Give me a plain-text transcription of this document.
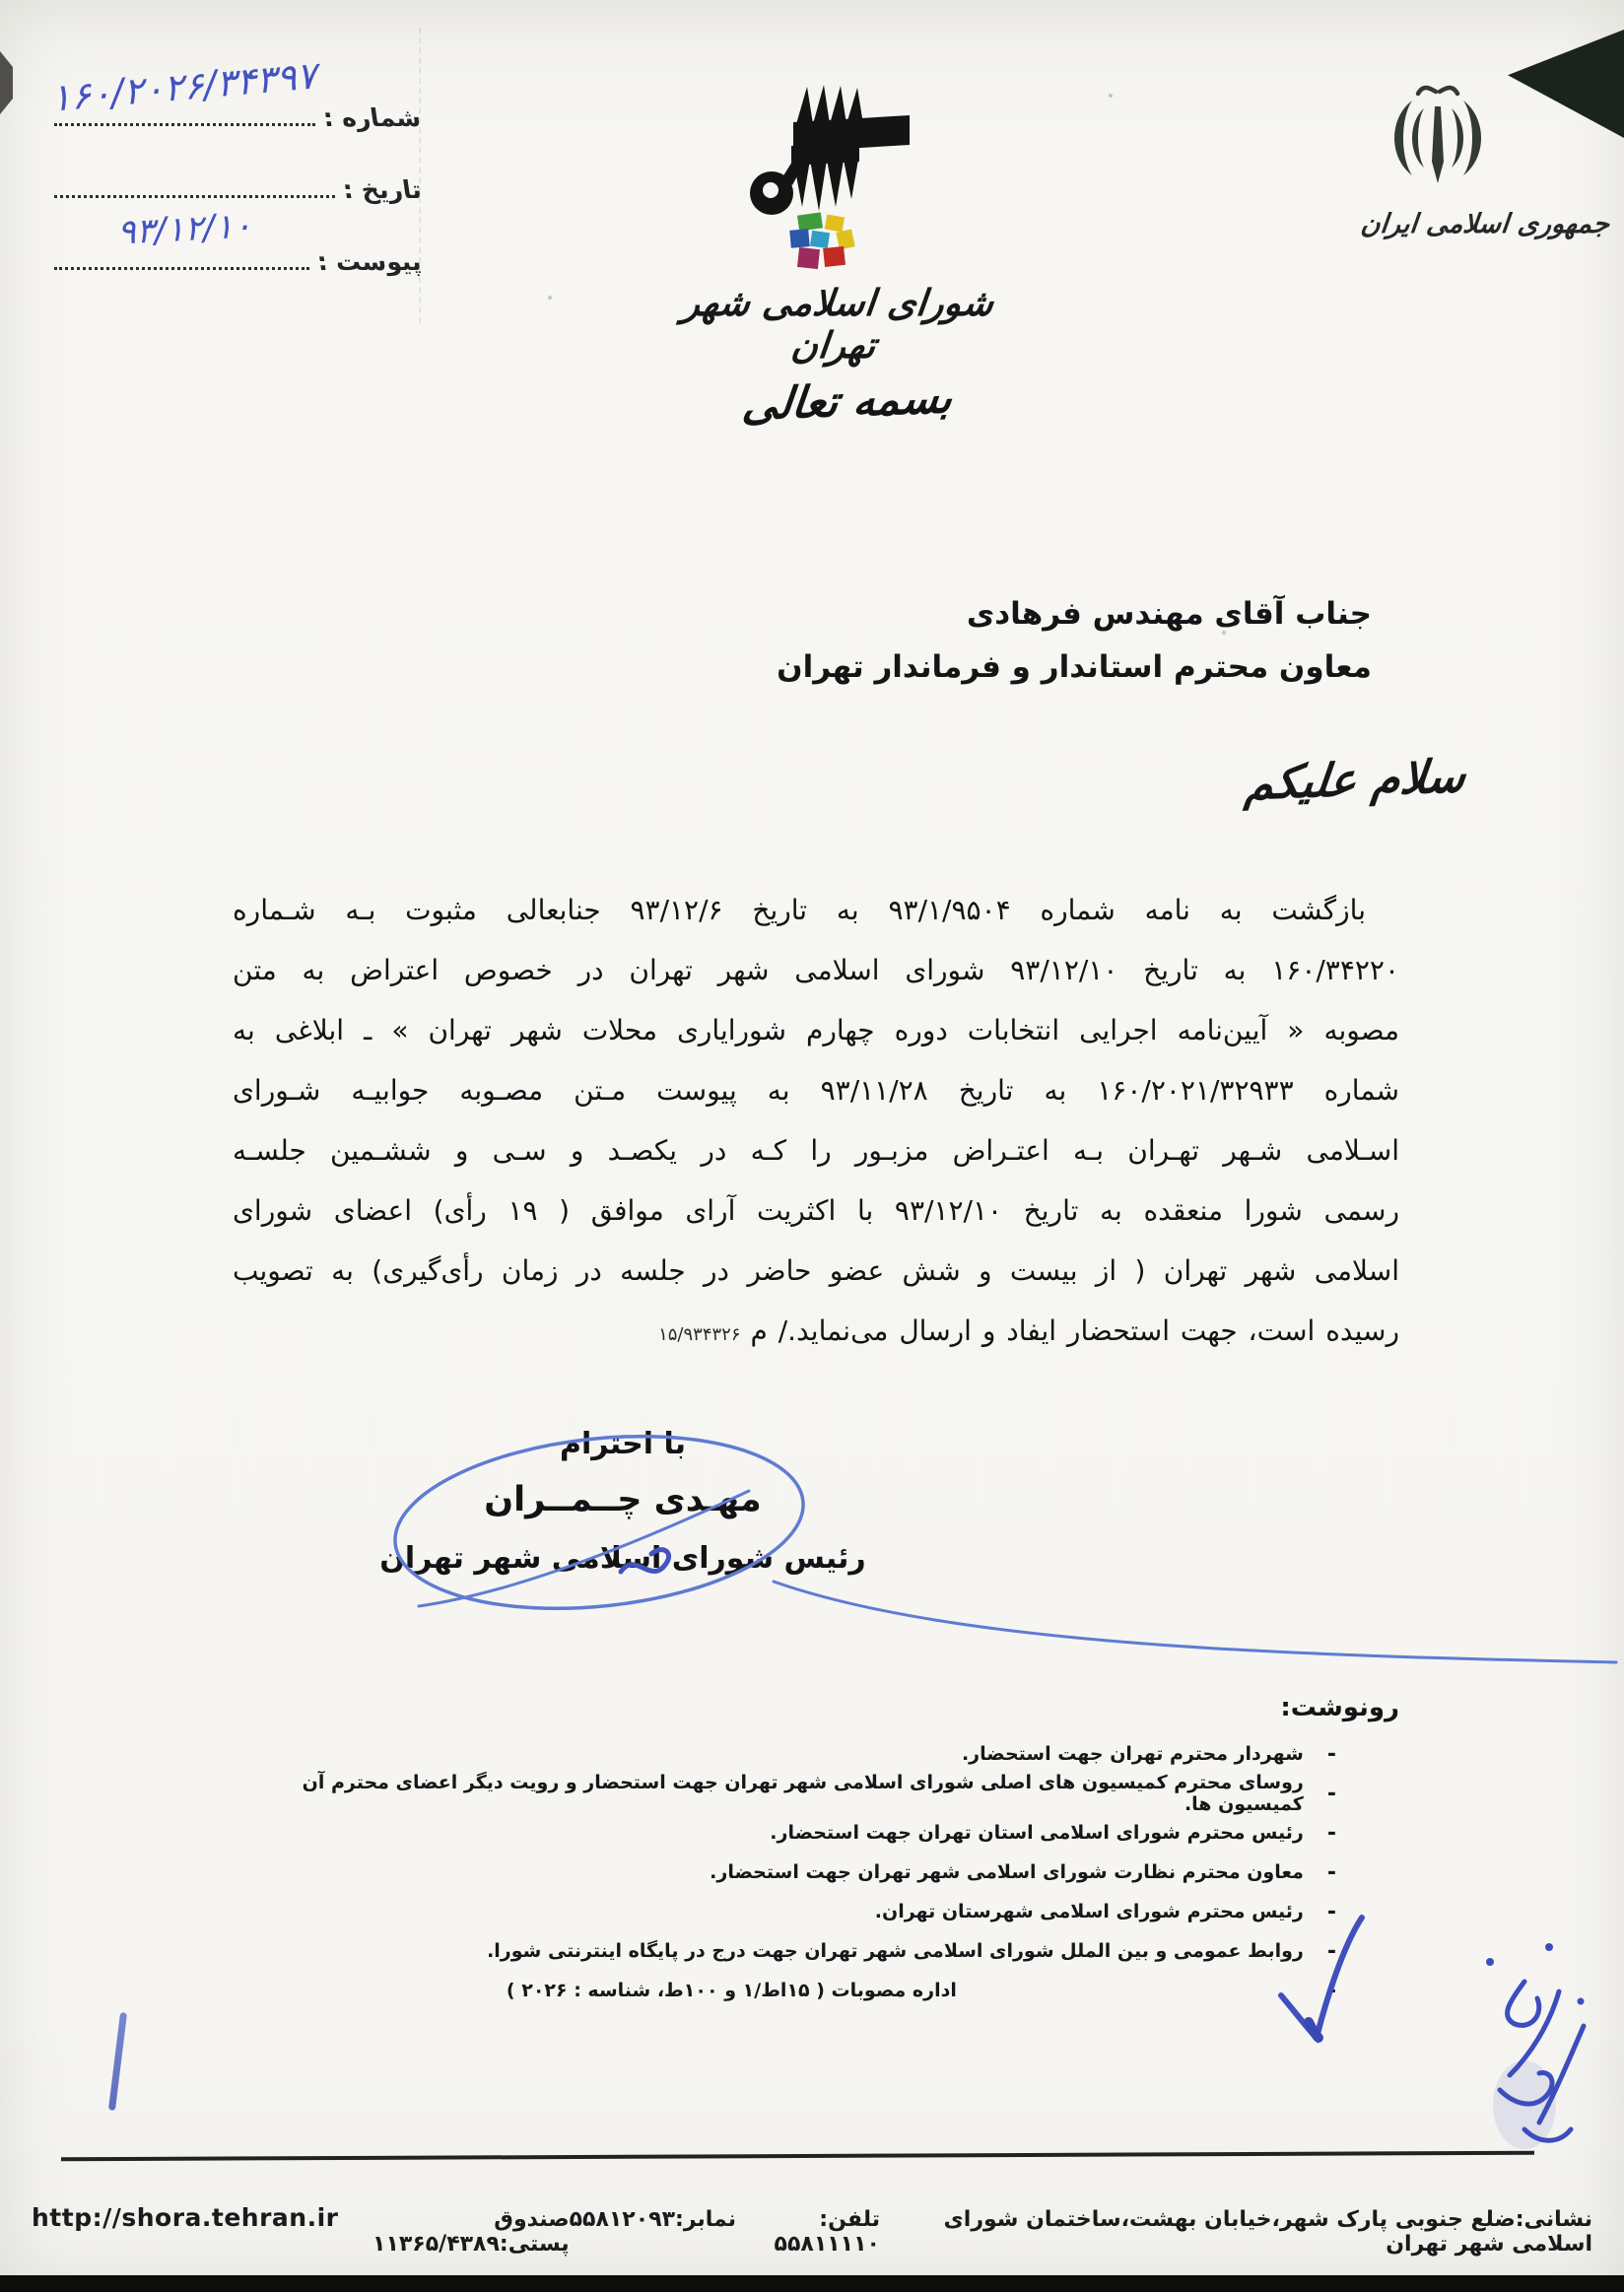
شماره :
۱۶۰/۲۰۲۶/۳۴۳۹۷
تاریخ :
۹۳/۱۲/۱۰
پیوست :
شورای اسلامی شهر تهران
جمهوری اسلامی ایران
بسمه تعالی
جناب آقای مهندس فرهادی
معاون محترم استاندار و فرماندار تهران
سلام علیکم
بازگشت به نامه شماره ۹۳/۱/۹۵۰۴ به تاریخ ۹۳/۱۲/۶ جنابعالی مثبوت بـه شـماره
۱۶۰/۳۴۲۲۰ به تاریخ ۹۳/۱۲/۱۰ شورای اسلامی شهر تهران در خصوص اعتراض به متن
مصوبه « آیین‌نامه اجرایی انتخابات دوره چهارم شورایاری محلات شهر تهران » ـ ابلاغی به
شماره ۱۶۰/۲۰۲۱/۳۲۹۳۳ به تاریخ ۹۳/۱۱/۲۸ به پیوست مـتن مصـوبه جوابیـه شـورای
اسـلامی شـهر تهـران بـه اعتـراض مزبـور را کـه در یکصـد و سـی و ششـمین جلسـه
رسمی شورا منعقده به تاریخ ۹۳/۱۲/۱۰ با اکثریت آرای موافق ( ۱۹ رأی) اعضای شورای
اسلامی شهر تهران ( از بیست و شش عضو حاضر در جلسه در زمان رأی‌گیری) به تصویب
رسیده است، جهت استحضار ایفاد و ارسال می‌نماید./ م
۱۵/۹۳۴۳۲۶
با احترام
مهـدی چــمــران
رئیس شورای اسلامی شهر تهران
رونوشت:
-
شهردار محترم تهران جهت استحضار.
-
روسای محترم کمیسیون های اصلی شورای اسلامی شهر تهران جهت استحضار و رویت دیگر اعضای محترم آن کمیسیون ها.
-
رئیس محترم شورای اسلامی استان تهران جهت استحضار.
-
معاون محترم نظارت شورای اسلامی شهر تهران جهت استحضار.
-
رئیس محترم شورای اسلامی شهرستان تهران.
-
روابط عمومی و بین الملل شورای اسلامی شهر تهران جهت درج در پایگاه اینترنتی شورا.
-
اداره مصوبات ( ۱۵اط/۱ و ۱۰۰ط، شناسه : ۲۰۲۶ )
نشانی:ضلع جنوبی پارک شهر،خیابان بهشت،ساختمان شورای اسلامی شهر تهران
تلفن: ۵۵۸۱۱۱۱۰
نمابر:۵۵۸۱۲۰۹۳
صندوق پستی:۱۱۳۶۵/۴۳۸۹
http://shora.tehran.ir
